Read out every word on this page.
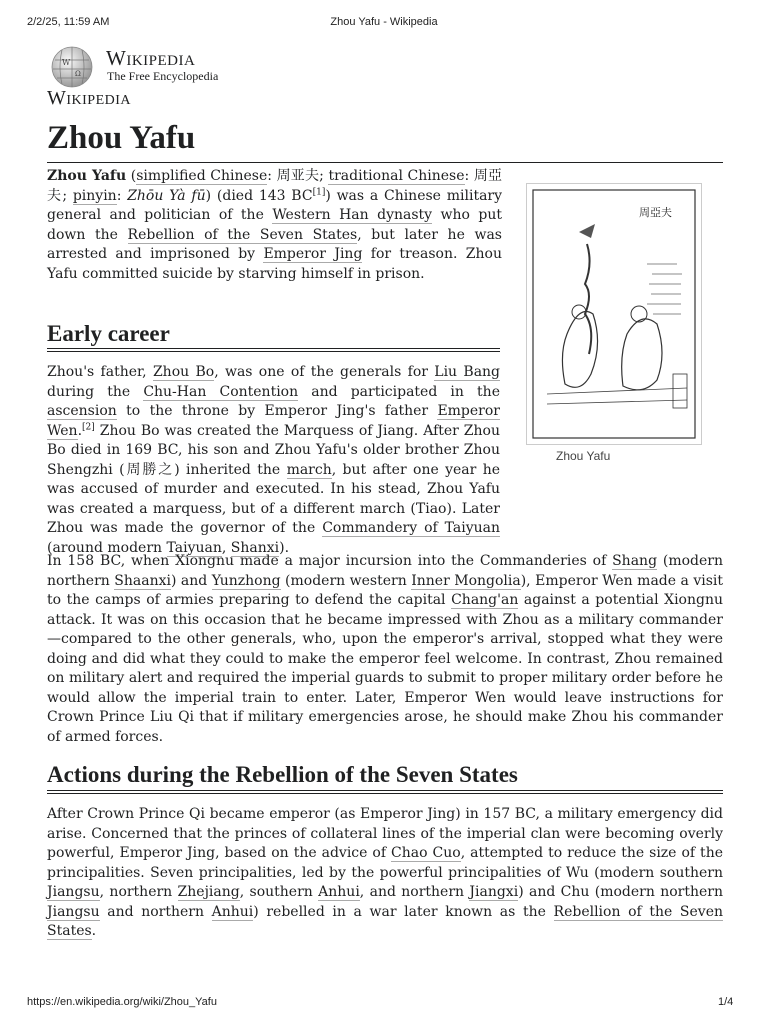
2/2/25, 11:59 AM	Zhou Yafu - Wikipedia
W
Ω
Wikipedia
The Free Encyclopedia
Wikipedia
Zhou Yafu
周亞夫
Zhou Yafu

Zhou Yafu (simplified Chinese: 周亚夫; traditional Chinese: 周亞夫; pinyin: Zhōu Yà fū) (died 143 BC[1]) was a Chinese military general and politician of the Western Han dynasty who put down the Rebellion of the Seven States, but later he was arrested and imprisoned by Emperor Jing for treason. Zhou Yafu committed suicide by starving himself in prison.

Early career

Zhou's father, Zhou Bo, was one of the generals for Liu Bang during the Chu-Han Contention and participated in the ascension to the throne by Emperor Jing's father Emperor Wen.[2] Zhou Bo was created the Marquess of Jiang. After Zhou Bo died in 169 BC, his son and Zhou Yafu's older brother Zhou Shengzhi (周勝之) inherited the march, but after one year he was accused of murder and executed. In his stead, Zhou Yafu was created a marquess, but of a different march (Tiao). Later Zhou was made the governor of the Commandery of Taiyuan (around modern Taiyuan, Shanxi).

In 158 BC, when Xiongnu made a major incursion into the Commanderies of Shang (modern northern Shaanxi) and Yunzhong (modern western Inner Mongolia), Emperor Wen made a visit to the camps of armies preparing to defend the capital Chang'an against a potential Xiongnu attack. It was on this occasion that he became impressed with Zhou as a military commander—compared to the other generals, who, upon the emperor's arrival, stopped what they were doing and did what they could to make the emperor feel welcome. In contrast, Zhou remained on military alert and required the imperial guards to submit to proper military order before he would allow the imperial train to enter. Later, Emperor Wen would leave instructions for Crown Prince Liu Qi that if military emergencies arose, he should make Zhou his commander of armed forces.

Actions during the Rebellion of the Seven States

After Crown Prince Qi became emperor (as Emperor Jing) in 157 BC, a military emergency did arise. Concerned that the princes of collateral lines of the imperial clan were becoming overly powerful, Emperor Jing, based on the advice of Chao Cuo, attempted to reduce the size of the principalities. Seven principalities, led by the powerful principalities of Wu (modern southern Jiangsu, northern Zhejiang, southern Anhui, and northern Jiangxi) and Chu (modern northern Jiangsu and northern Anhui) rebelled in a war later known as the Rebellion of the Seven States.

https://en.wikipedia.org/wiki/Zhou_Yafu	1/4
